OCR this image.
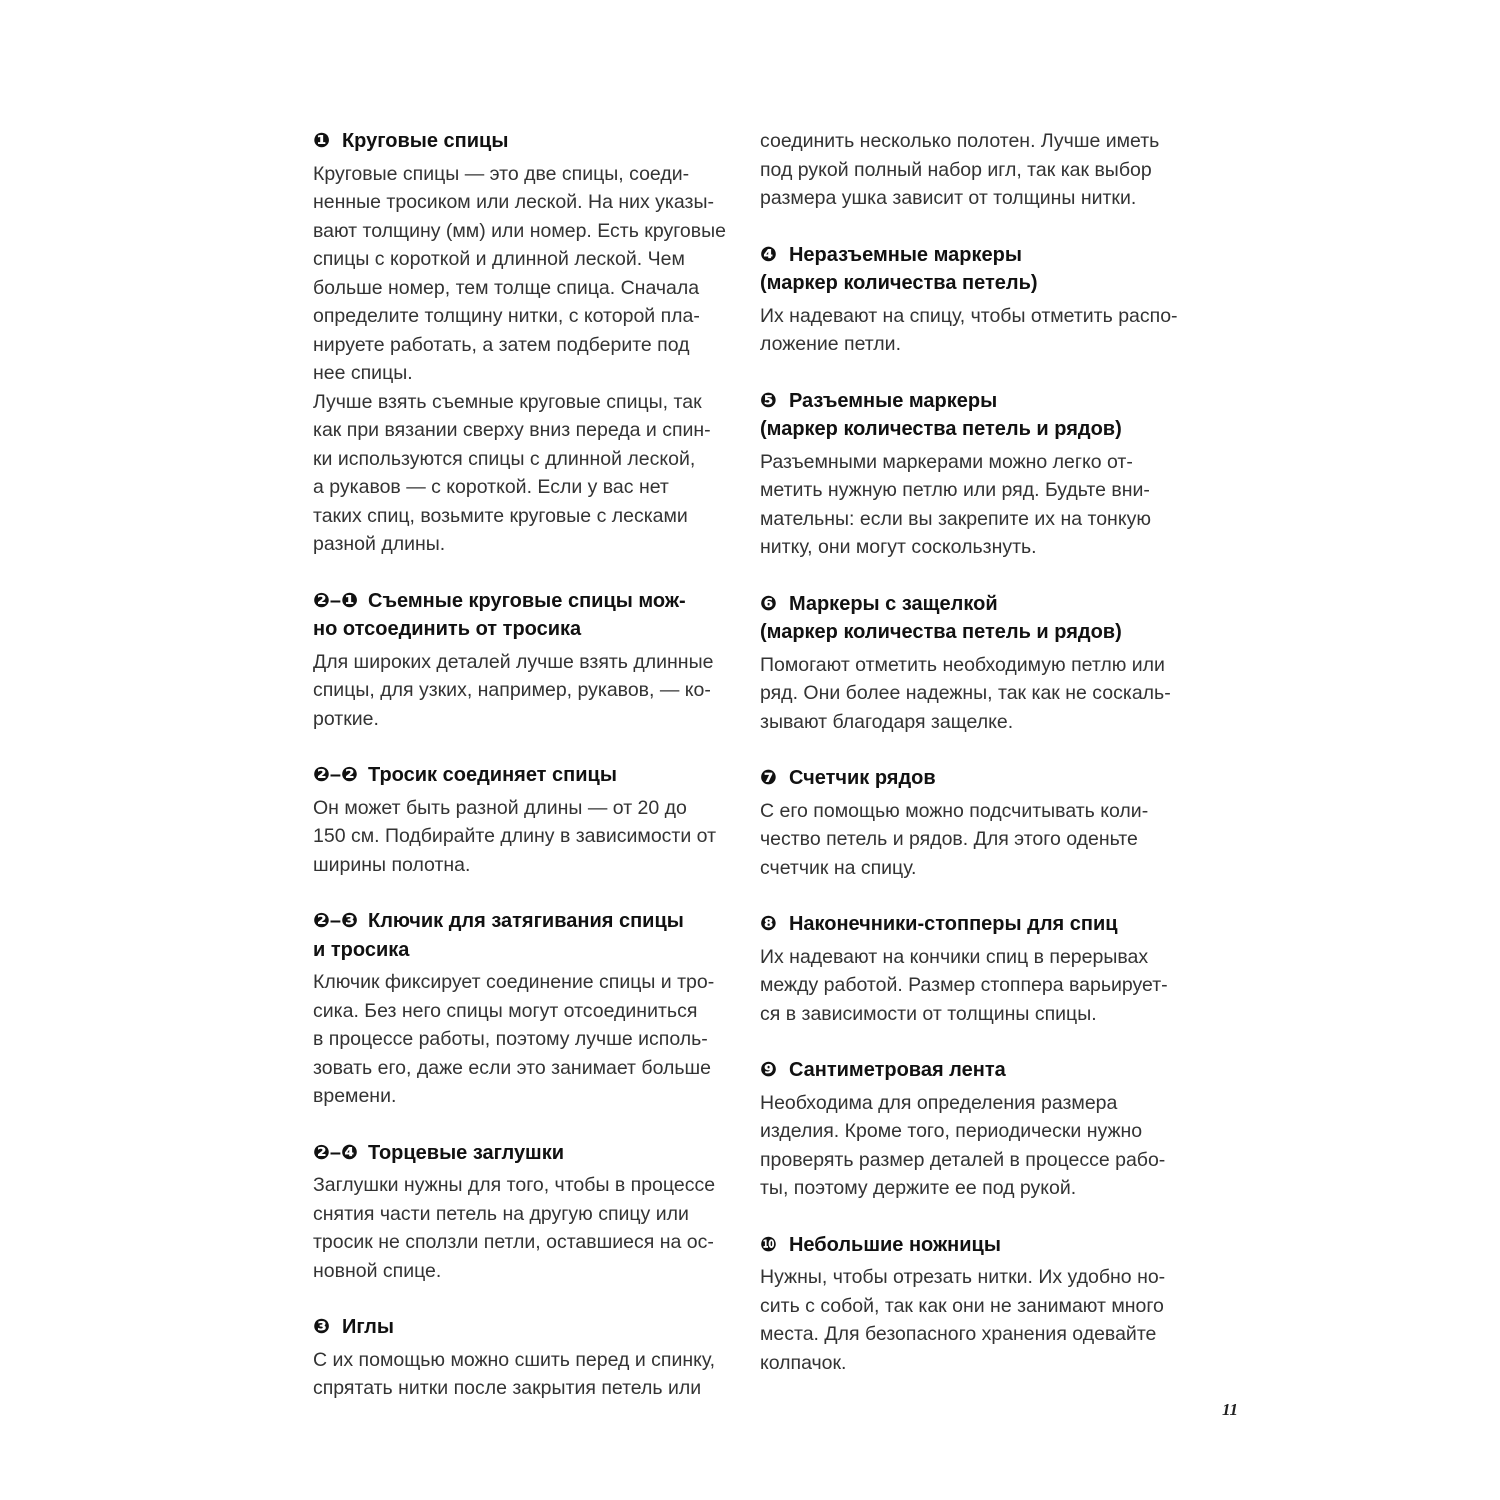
❶ Круговые спицы
Круговые спицы — это две спицы, соеди-
ненные тросиком или леской. На них указы-
вают толщину (мм) или номер. Есть круговые
спицы с короткой и длинной леской. Чем
больше номер, тем толще спица. Сначала
определите толщину нитки, с которой пла-
нируете работать, а затем подберите под
нее спицы.
Лучше взять съемные круговые спицы, так
как при вязании сверху вниз переда и спин-
ки используются спицы с длинной леской,
а рукавов — с короткой. Если у вас нет
таких спиц, возьмите круговые с лесками
разной длины.
❷–❶ Съемные круговые спицы мож-
но отсоединить от тросика
Для широких деталей лучше взять длинные
спицы, для узких, например, рукавов, — ко-
роткие.
❷–❷ Тросик соединяет спицы
Он может быть разной длины — от 20 до
150 см. Подбирайте длину в зависимости от
ширины полотна.
❷–❸ Ключик для затягивания спицы
и тросика
Ключик фиксирует соединение спицы и тро-
сика. Без него спицы могут отсоединиться
в процессе работы, поэтому лучше исполь-
зовать его, даже если это занимает больше
времени.
❷–❹ Торцевые заглушки
Заглушки нужны для того, чтобы в процессе
снятия части петель на другую спицу или
тросик не сползли петли, оставшиеся на ос-
новной спице.
❸ Иглы
С их помощью можно сшить перед и спинку,
спрятать нитки после закрытия петель или
соединить несколько полотен. Лучше иметь
под рукой полный набор игл, так как выбор
размера ушка зависит от толщины нитки.
❹ Неразъемные маркеры
(маркер количества петель)
Их надевают на спицу, чтобы отметить распо-
ложение петли.
❺ Разъемные маркеры
(маркер количества петель и рядов)
Разъемными маркерами можно легко от-
метить нужную петлю или ряд. Будьте вни-
мательны: если вы закрепите их на тонкую
нитку, они могут соскользнуть.
❻ Маркеры с защелкой
(маркер количества петель и рядов)
Помогают отметить необходимую петлю или
ряд. Они более надежны, так как не соскаль-
зывают благодаря защелке.
❼ Счетчик рядов
С его помощью можно подсчитывать коли-
чество петель и рядов. Для этого оденьте
счетчик на спицу.
❽ Наконечники-стопперы для спиц
Их надевают на кончики спиц в перерывах
между работой. Размер стоппера варьирует-
ся в зависимости от толщины спицы.
❾ Сантиметровая лента
Необходима для определения размера
изделия. Кроме того, периодически нужно
проверять размер деталей в процессе рабо-
ты, поэтому держите ее под рукой.
❿ Небольшие ножницы
Нужны, чтобы отрезать нитки. Их удобно но-
сить с собой, так как они не занимают много
места. Для безопасного хранения одевайте
колпачок.
11
